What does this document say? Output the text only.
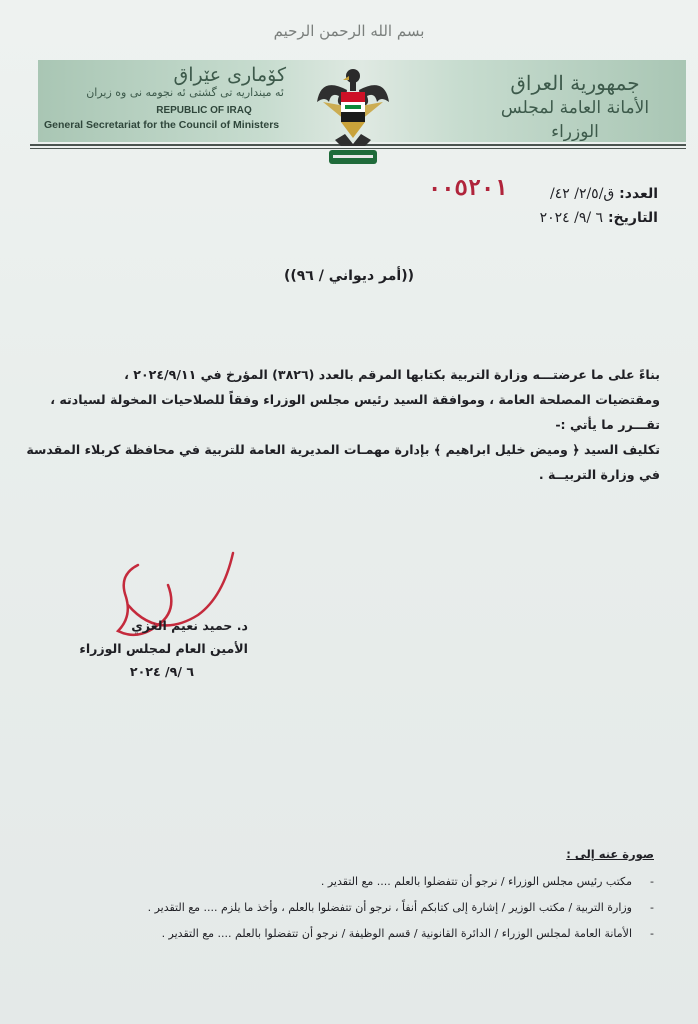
بسم الله الرحمن الرحيم
كۆماری عێراق
ئه مینداریه تی گشتی ئه نجومه نی وه زیران
REPUBLIC OF IRAQ
General Secretariat for the Council of Ministers
جمهورية العراق
الأمانة العامة لمجلس الوزراء
العدد: ق/٢/٥/ ٤٢/
التاريخ: ٦ /٩/ ٢٠٢٤
٠٠٥٢٠١
((أمر ديواني / ٩٦))

بناءً على ما عرضتـــه وزارة التربية بكتابها المرقم بالعدد (٣٨٢٦) المؤرخ في ٢٠٢٤/٩/١١ ،

ومقتضيات المصلحة العامة ، وموافقة السيد رئيس مجلس الوزراء وفقاً للصلاحيات المخولة لسيادته ،

تقـــرر ما يأتي :-

تكليف السيد ﴿ وميض خليل ابراهيم ﴾ بإدارة مهمـات المديرية العامة للتربية في محافظة كربلاء المقدسة

في وزارة التربيــة .

د. حميد نعيم الغزي
الأمين العام لمجلس الوزراء
٦ /٩/ ٢٠٢٤
صورة عنه إلى :
-مكتب رئيس مجلس الوزراء / نرجو أن تتفضلوا بالعلم .... مع التقدير .
-وزارة التربية / مكتب الوزير / إشارة إلى كتابكم أنفاً ، نرجو أن تتفضلوا بالعلم ، وأخذ ما يلزم .... مع التقدير .
-الأمانة العامة لمجلس الوزراء / الدائرة القانونية / قسم الوظيفة / نرجو أن تتفضلوا بالعلم .... مع التقدير .
